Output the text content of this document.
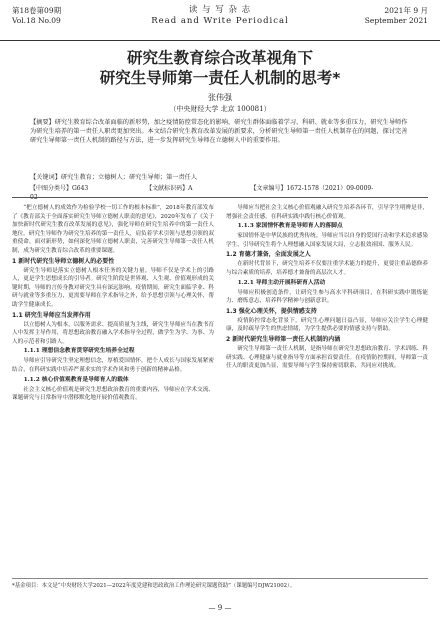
第18卷第09期
Vol.18 No.09
读 与 写 杂 志
Read and Write Periodical
2021年 9 月
September 2021
研究生教育综合改革视角下
研究生导师第一责任人机制的思考*
张伟强
（中央财经大学 北京 100081）
【摘要】研究生教育综合改革面临的新形势，加之疫情防控常态化的影响，研究生群体面临着学习、科研、就业等多重压力，研究生导师作为研究生培养的第一责任人职责更加突出。本文结合研究生教育改革发展的新要求，分析研究生导师第一责任人机制存在的问题，探讨完善研究生导师第一责任人机制的路径与方法，进一步发挥研究生导师在立德树人中的重要作用。
【关键词】研究生教育；立德树人；研究生导师；第一责任人
【中图分类号】G643	【文献标识码】A	【文章编号】1672-1578（2021）09-0009-02

“把立德树人的成效作为检验学校一切工作的根本标准”，2018年教育部发布了《教育部关于全面落实研究生导师立德树人职责的意见》，2020年发布了《关于加快新时代研究生教育改革发展的意见》，强化导师在研究生培养中的第一责任人地位。研究生导师作为研究生培养的第一责任人，肩负着学术引领与思想引领的双重使命。面对新形势，如何深化导师立德树人职责，完善研究生导师第一责任人机制，成为研究生教育综合改革的重要课题。

1 新时代研究生导师立德树人的必要性

研究生导师是落实立德树人根本任务的关键力量。导师不仅是学术上的引路人，更是学生思想成长的引导者。研究生阶段是世界观、人生观、价值观形成的关键时期，导师的言传身教对研究生具有深远影响。疫情期间，研究生面临学业、科研与就业等多重压力，更需要导师在学术指导之外，给予思想引领与心理关怀，帮助学生健康成长。

1.1 研究生导师应当发挥作用

以立德树人为根本，以服务需求、提高质量为主线，研究生导师应当在教书育人中发挥主导作用，将思想政治教育融入学术指导全过程，做学生为学、为事、为人的示范者和引路人。

1.1.1 理想信念教育贯穿研究生培养全过程

导师应引导研究生坚定理想信念，厚植爱国情怀，把个人成长与国家发展紧密结合，在科研实践中培养严谨求实的学术作风和勇于创新的精神品格。

1.1.2 核心价值观教育是导师育人的载体

社会主义核心价值观是研究生思想政治教育的重要内容，导师应在学术交流、课题研究与日常指导中潜移默化地开展价值观教育。

导师应当把社会主义核心价值观融入研究生培养各环节，引导学生明辨是非，增强社会责任感，在科研实践中践行核心价值观。

1.1.3 家国情怀教育是导师育人的落脚点

家国情怀是中华民族的优秀传统。导师应当以自身的爱国行动和学术追求感染学生，引导研究生将个人理想融入国家发展大局，立志报效祖国、服务人民。

1.2 育德才兼备，全面发展之人

在新时代背景下，研究生培养不仅要注重学术能力的提升，更要注重品德修养与综合素质的培养，培养德才兼备的高层次人才。

1.2.1 导师主动开展科研育人活动

导师应积极创造条件，让研究生参与高水平科研项目，在科研实践中锻炼能力、磨炼意志，培养科学精神与创新意识。

1.3 强化心理关怀，提供情感支持

疫情防控常态化背景下，研究生心理问题日益凸显，导师应关注学生心理健康，及时疏导学生的焦虑情绪，为学生提供必要的情感支持与帮助。

2 新时代研究生导师第一责任人机制的内涵

研究生导师第一责任人机制，是指导师在研究生思想政治教育、学术训练、科研实践、心理健康与就业指导等方面承担首要责任。在疫情防控期间，导师第一责任人的职责更加凸显，需要导师与学生保持密切联系，共同应对挑战。

*基金项目：本文是“中央财经大学2021—2022年度党建和思政政治工作理论研究课题资助”（课题编号DJW21002）。
— 9 —
